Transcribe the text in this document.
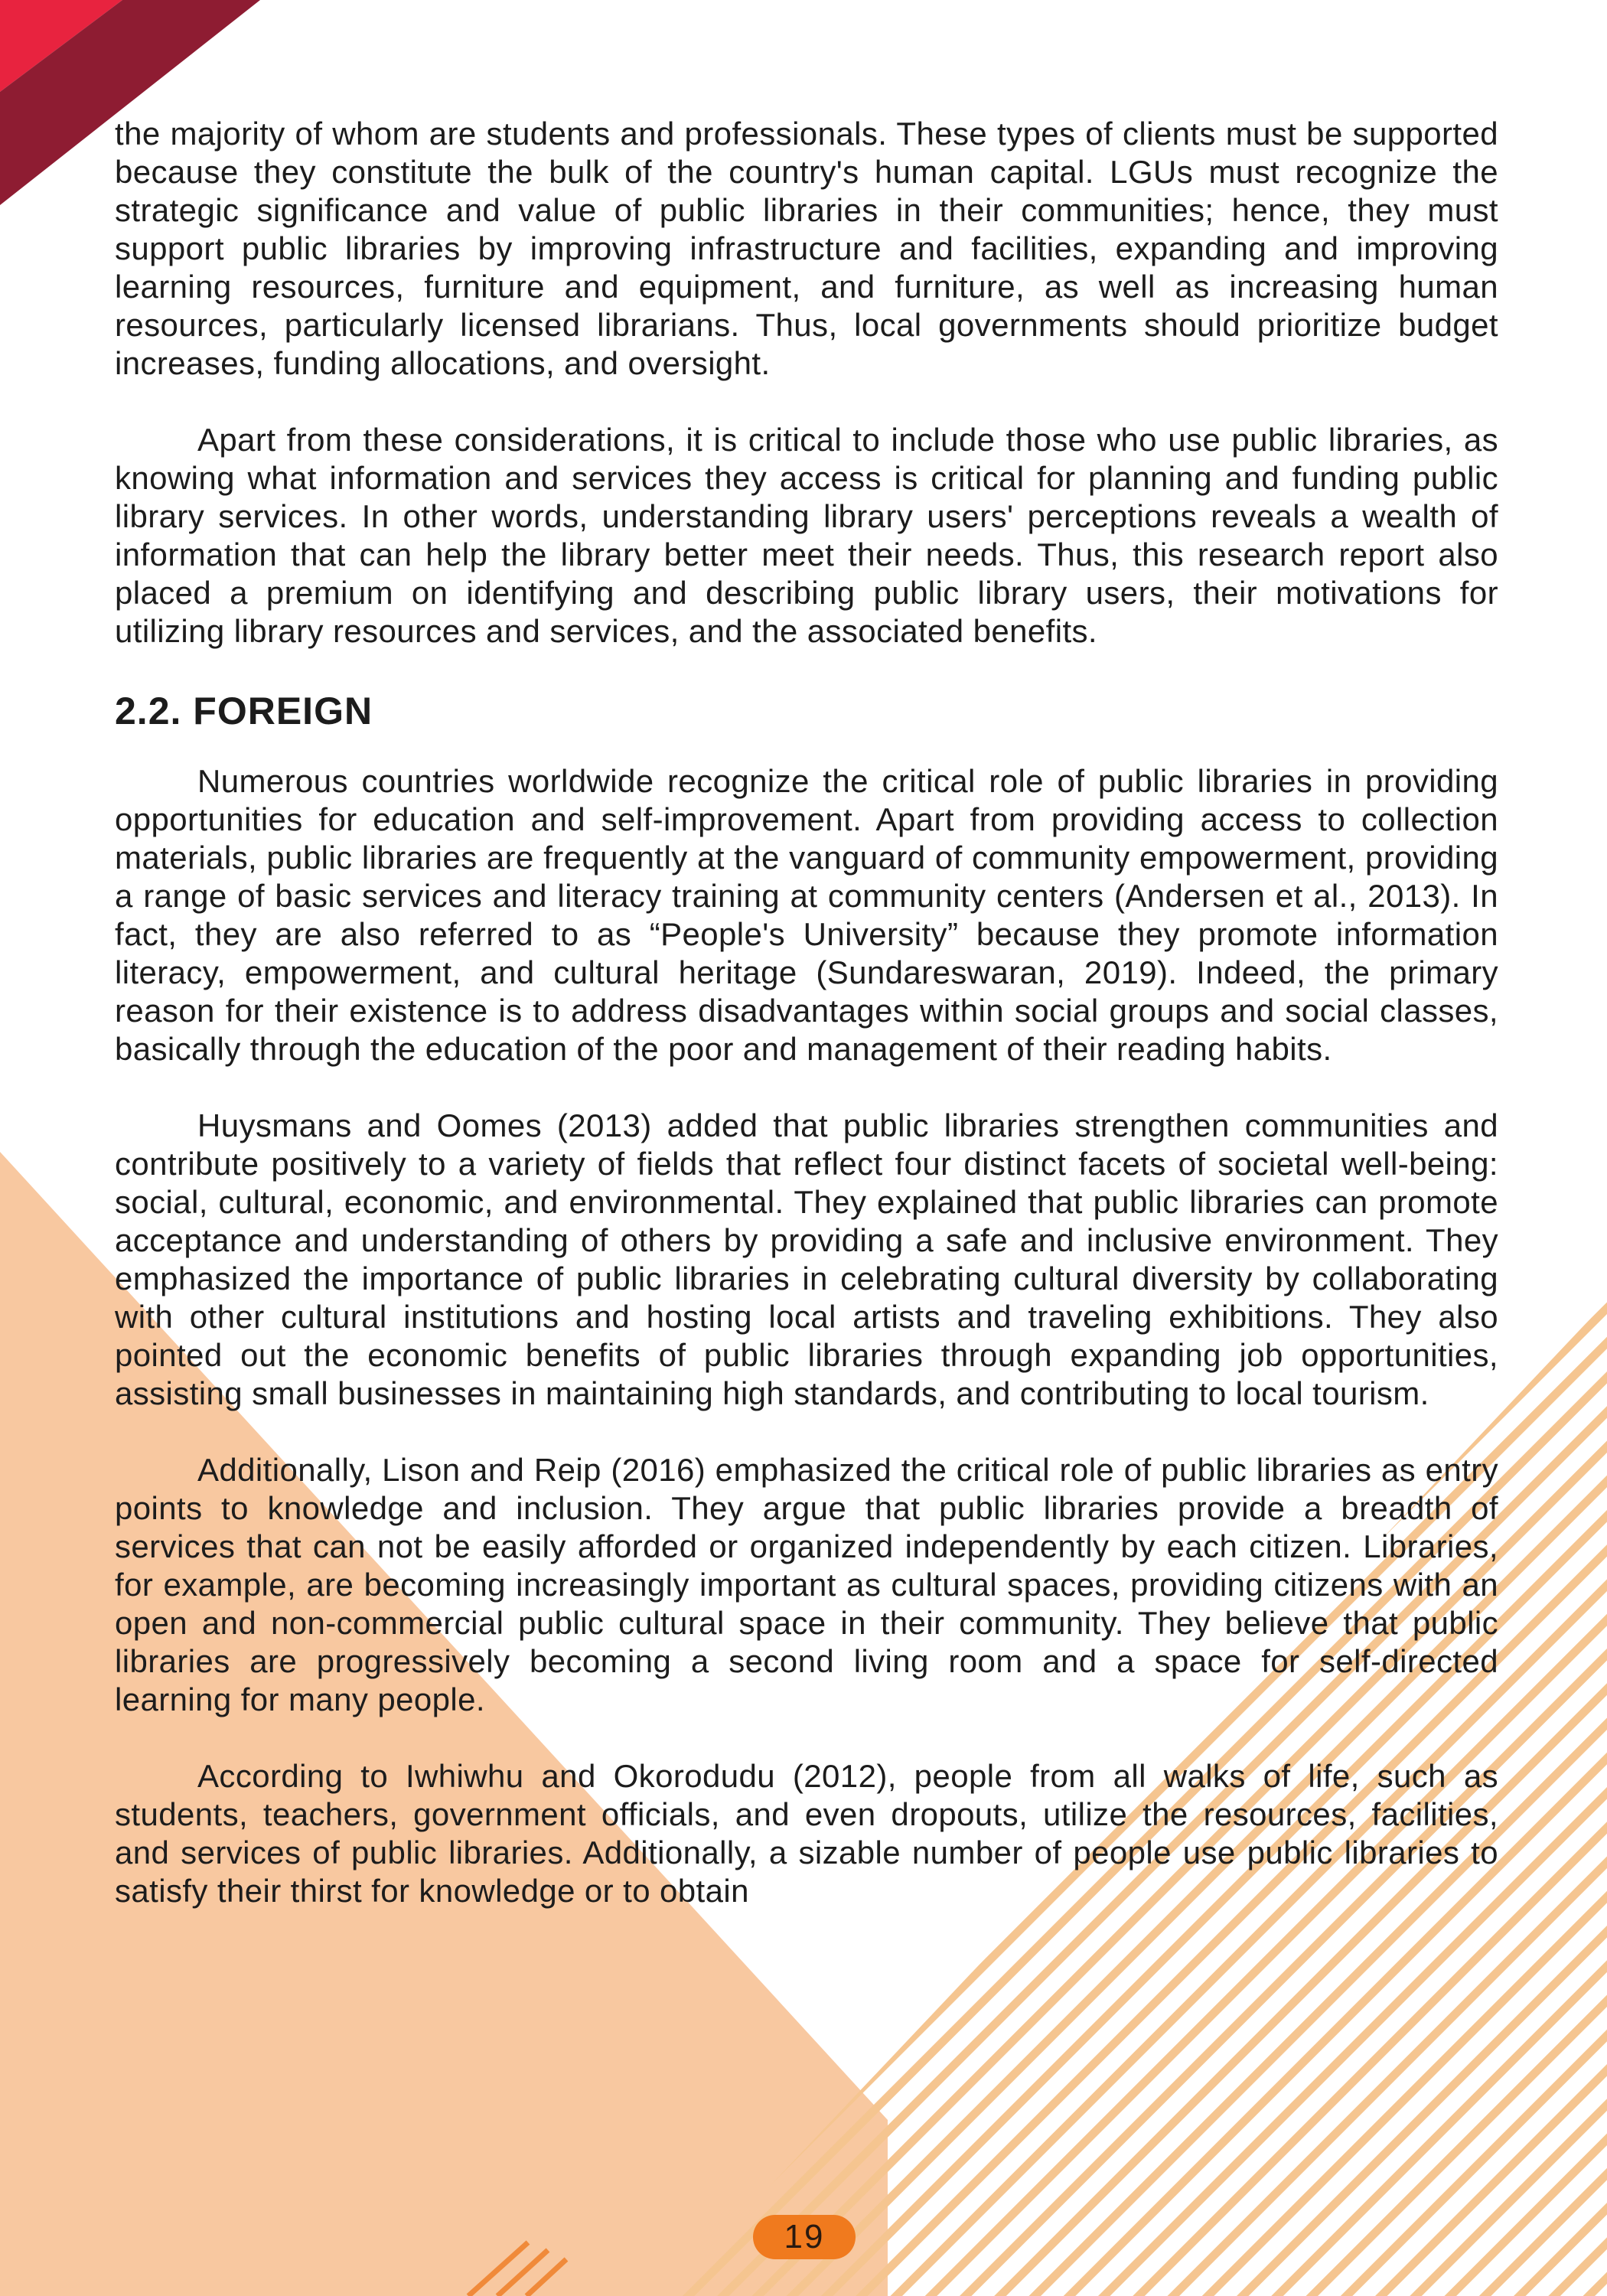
the majority of whom are students and professionals. These types of clients must be supported because they constitute the bulk of the country's human capital. LGUs must recognize the strategic significance and value of public libraries in their communities; hence, they must support public libraries by improving infrastructure and facilities, expanding and improving learning resources, furniture and equipment, and furniture, as well as increasing human resources, particularly licensed librarians. Thus, local governments should prioritize budget increases, funding allocations, and oversight.

Apart from these considerations, it is critical to include those who use public libraries, as knowing what information and services they access is critical for planning and funding public library services. In other words, understanding library users' perceptions reveals a wealth of information that can help the library better meet their needs. Thus, this research report also placed a premium on identifying and describing public library users, their motivations for utilizing library resources and services, and the associated benefits.

2.2. FOREIGN

Numerous countries worldwide recognize the critical role of public libraries in providing opportunities for education and self-improvement. Apart from providing access to collection materials, public libraries are frequently at the vanguard of community empowerment, providing a range of basic services and literacy training at community centers (Andersen et al., 2013). In fact, they are also referred to as “People's University” because they promote information literacy, empowerment, and cultural heritage (Sundareswaran, 2019). Indeed, the primary reason for their existence is to address disadvantages within social groups and social classes, basically through the education of the poor and management of their reading habits.

Huysmans and Oomes (2013) added that public libraries strengthen communities and contribute positively to a variety of fields that reflect four distinct facets of societal well-being: social, cultural, economic, and environmental. They explained that public libraries can promote acceptance and understanding of others by providing a safe and inclusive environment. They emphasized the importance of public libraries in celebrating cultural diversity by collaborating with other cultural institutions and hosting local artists and traveling exhibitions. They also pointed out the economic benefits of public libraries through expanding job opportunities, assisting small businesses in maintaining high standards, and contributing to local tourism.

Additionally, Lison and Reip (2016) emphasized the critical role of public libraries as entry points to knowledge and inclusion. They argue that public libraries provide a breadth of services that can not be easily afforded or organized independently by each citizen. Libraries, for example, are becoming increasingly important as cultural spaces, providing citizens with an open and non-commercial public cultural space in their community. They believe that public libraries are progressively becoming a second living room and a space for self-directed learning for many people.

According to Iwhiwhu and Okorodudu (2012), people from all walks of life, such as students, teachers, government officials, and even dropouts, utilize the resources, facilities, and services of public libraries. Additionally, a sizable number of people use public libraries to satisfy their thirst for knowledge or to obtain

19
